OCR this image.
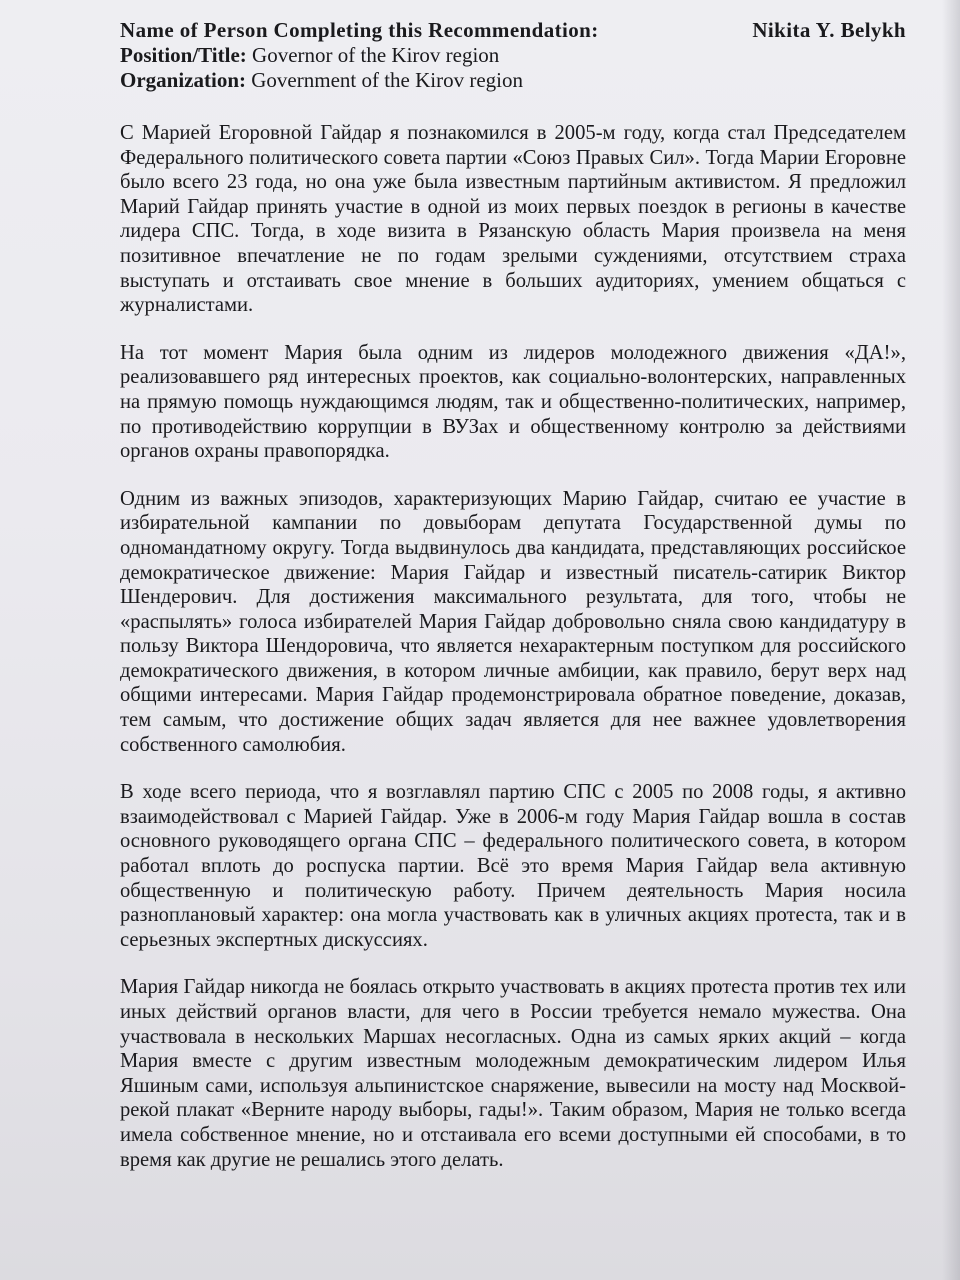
Name of Person Completing this Recommendation:	Nikita Y. Belykh
Position/Title: Governor of the Kirov region
Organization: Government of the Kirov region

С Марией Егоровной Гайдар я познакомился в 2005-м году, когда стал Председателем Федерального политического совета партии «Союз Правых Сил». Тогда Марии Егоровне было всего 23 года, но она уже была известным партийным активистом. Я предложил Марий Гайдар принять участие в одной из моих первых поездок в регионы в качестве лидера СПС. Тогда, в ходе визита в Рязанскую область Мария произвела на меня позитивное впечатление не по годам зрелыми суждениями, отсутствием страха выступать и отстаивать свое мнение в больших аудиториях, умением общаться с журналистами.

На тот момент Мария была одним из лидеров молодежного движения «ДА!», реализовавшего ряд интересных проектов, как социально-волонтерских, направленных на прямую помощь нуждающимся людям, так и общественно-политических, например, по противодействию коррупции в ВУЗах и общественному контролю за действиями органов охраны правопорядка.

Одним из важных эпизодов, характеризующих Марию Гайдар, считаю ее участие в избирательной кампании по довыборам депутата Государственной думы по одномандатному округу. Тогда выдвинулось два кандидата, представляющих российское демократическое движение: Мария Гайдар и известный писатель-сатирик Виктор Шендерович. Для достижения максимального результата, для того, чтобы не «распылять» голоса избирателей Мария Гайдар добровольно сняла свою кандидатуру в пользу Виктора Шендоровича, что является нехарактерным поступком для российского демократического движения, в котором личные амбиции, как правило, берут верх над общими интересами. Мария Гайдар продемонстрировала обратное поведение, доказав, тем самым, что достижение общих задач является для нее важнее удовлетворения собственного самолюбия.

В ходе всего периода, что я возглавлял партию СПС с 2005 по 2008 годы, я активно взаимодействовал с Марией Гайдар. Уже в 2006-м году Мария Гайдар вошла в состав основного руководящего органа СПС – федерального политического совета, в котором работал вплоть до роспуска партии. Всё это время Мария Гайдар вела активную общественную и политическую работу. Причем деятельность Мария носила разноплановый характер: она могла участвовать как в уличных акциях протеста, так и в серьезных экспертных дискуссиях.

Мария Гайдар никогда не боялась открыто участвовать в акциях протеста против тех или иных действий органов власти, для чего в России требуется немало мужества. Она участвовала в нескольких Маршах несогласных. Одна из самых ярких акций – когда Мария вместе с другим известным молодежным демократическим лидером Илья Яшиным сами, используя альпинистское снаряжение, вывесили на мосту над Москвой-рекой плакат «Верните народу выборы, гады!». Таким образом, Мария не только всегда имела собственное мнение, но и отстаивала его всеми доступными ей способами, в то время как другие не решались этого делать.
